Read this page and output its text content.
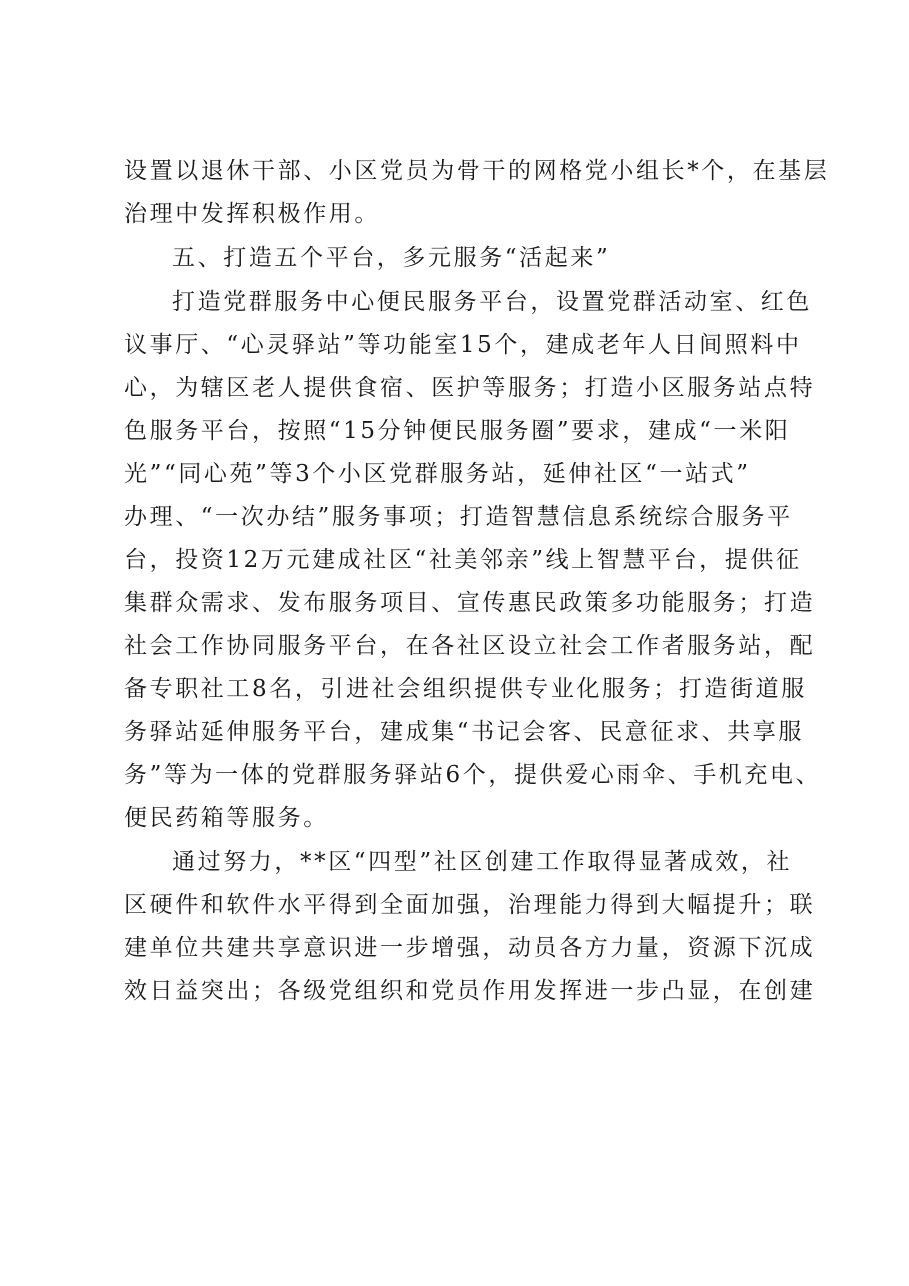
设置以退休干部、小区党员为骨干的网格党小组长*个，在基层
治理中发挥积极作用。
五、打造五个平台，多元服务“活起来”
打造党群服务中心便民服务平台，设置党群活动室、红色
议事厅、“心灵驿站”等功能室15个，建成老年人日间照料中
心，为辖区老人提供食宿、医护等服务；打造小区服务站点特
色服务平台，按照“15分钟便民服务圈”要求，建成“一米阳
光”“同心苑”等3个小区党群服务站，延伸社区“一站式”
办理、“一次办结”服务事项；打造智慧信息系统综合服务平
台，投资12万元建成社区“社美邻亲”线上智慧平台，提供征
集群众需求、发布服务项目、宣传惠民政策多功能服务；打造
社会工作协同服务平台，在各社区设立社会工作者服务站，配
备专职社工8名，引进社会组织提供专业化服务；打造街道服
务驿站延伸服务平台，建成集“书记会客、民意征求、共享服
务”等为一体的党群服务驿站6个，提供爱心雨伞、手机充电、
便民药箱等服务。
通过努力，**区“四型”社区创建工作取得显著成效，社
区硬件和软件水平得到全面加强，治理能力得到大幅提升；联
建单位共建共享意识进一步增强，动员各方力量，资源下沉成
效日益突出；各级党组织和党员作用发挥进一步凸显，在创建
